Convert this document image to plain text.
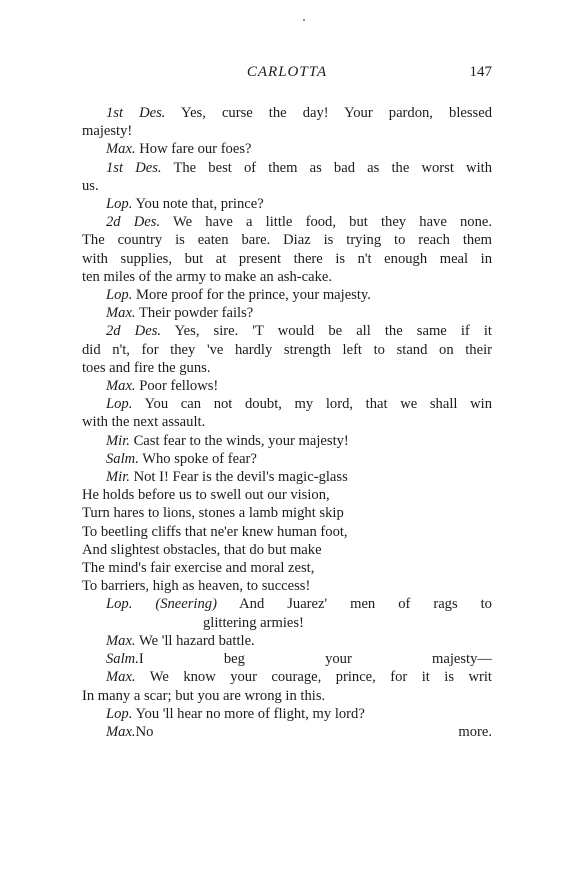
CARLOTTA	147
1st Des. Yes, curse the day! Your pardon, blessed
majesty!
Max. How fare our foes?
1st Des. The best of them as bad as the worst with
us.
Lop. You note that, prince?
2d Des. We have a little food, but they have none.
The country is eaten bare. Diaz is trying to reach them
with supplies, but at present there is n't enough meal in
ten miles of the army to make an ash-cake.
Lop. More proof for the prince, your majesty.
Max. Their powder fails?
2d Des. Yes, sire. 'T would be all the same if it
did n't, for they 've hardly strength left to stand on their
toes and fire the guns.
Max. Poor fellows!
Lop. You can not doubt, my lord, that we shall win
with the next assault.
Mir. Cast fear to the winds, your majesty!
Salm. Who spoke of fear?
Mir. Not I! Fear is the devil's magic-glass
He holds before us to swell out our vision,
Turn hares to lions, stones a lamb might skip
To beetling cliffs that ne'er knew human foot,
And slightest obstacles, that do but make
The mind's fair exercise and moral zest,
To barriers, high as heaven, to success!
Lop. (Sneering) And Juarez' men of rags to
glittering armies!
Max. We 'll hazard battle.
Salm.I beg your majesty—
Max. We know your courage, prince, for it is writ
In many a scar; but you are wrong in this.
Lop. You 'll hear no more of flight, my lord?
Max.No more.
